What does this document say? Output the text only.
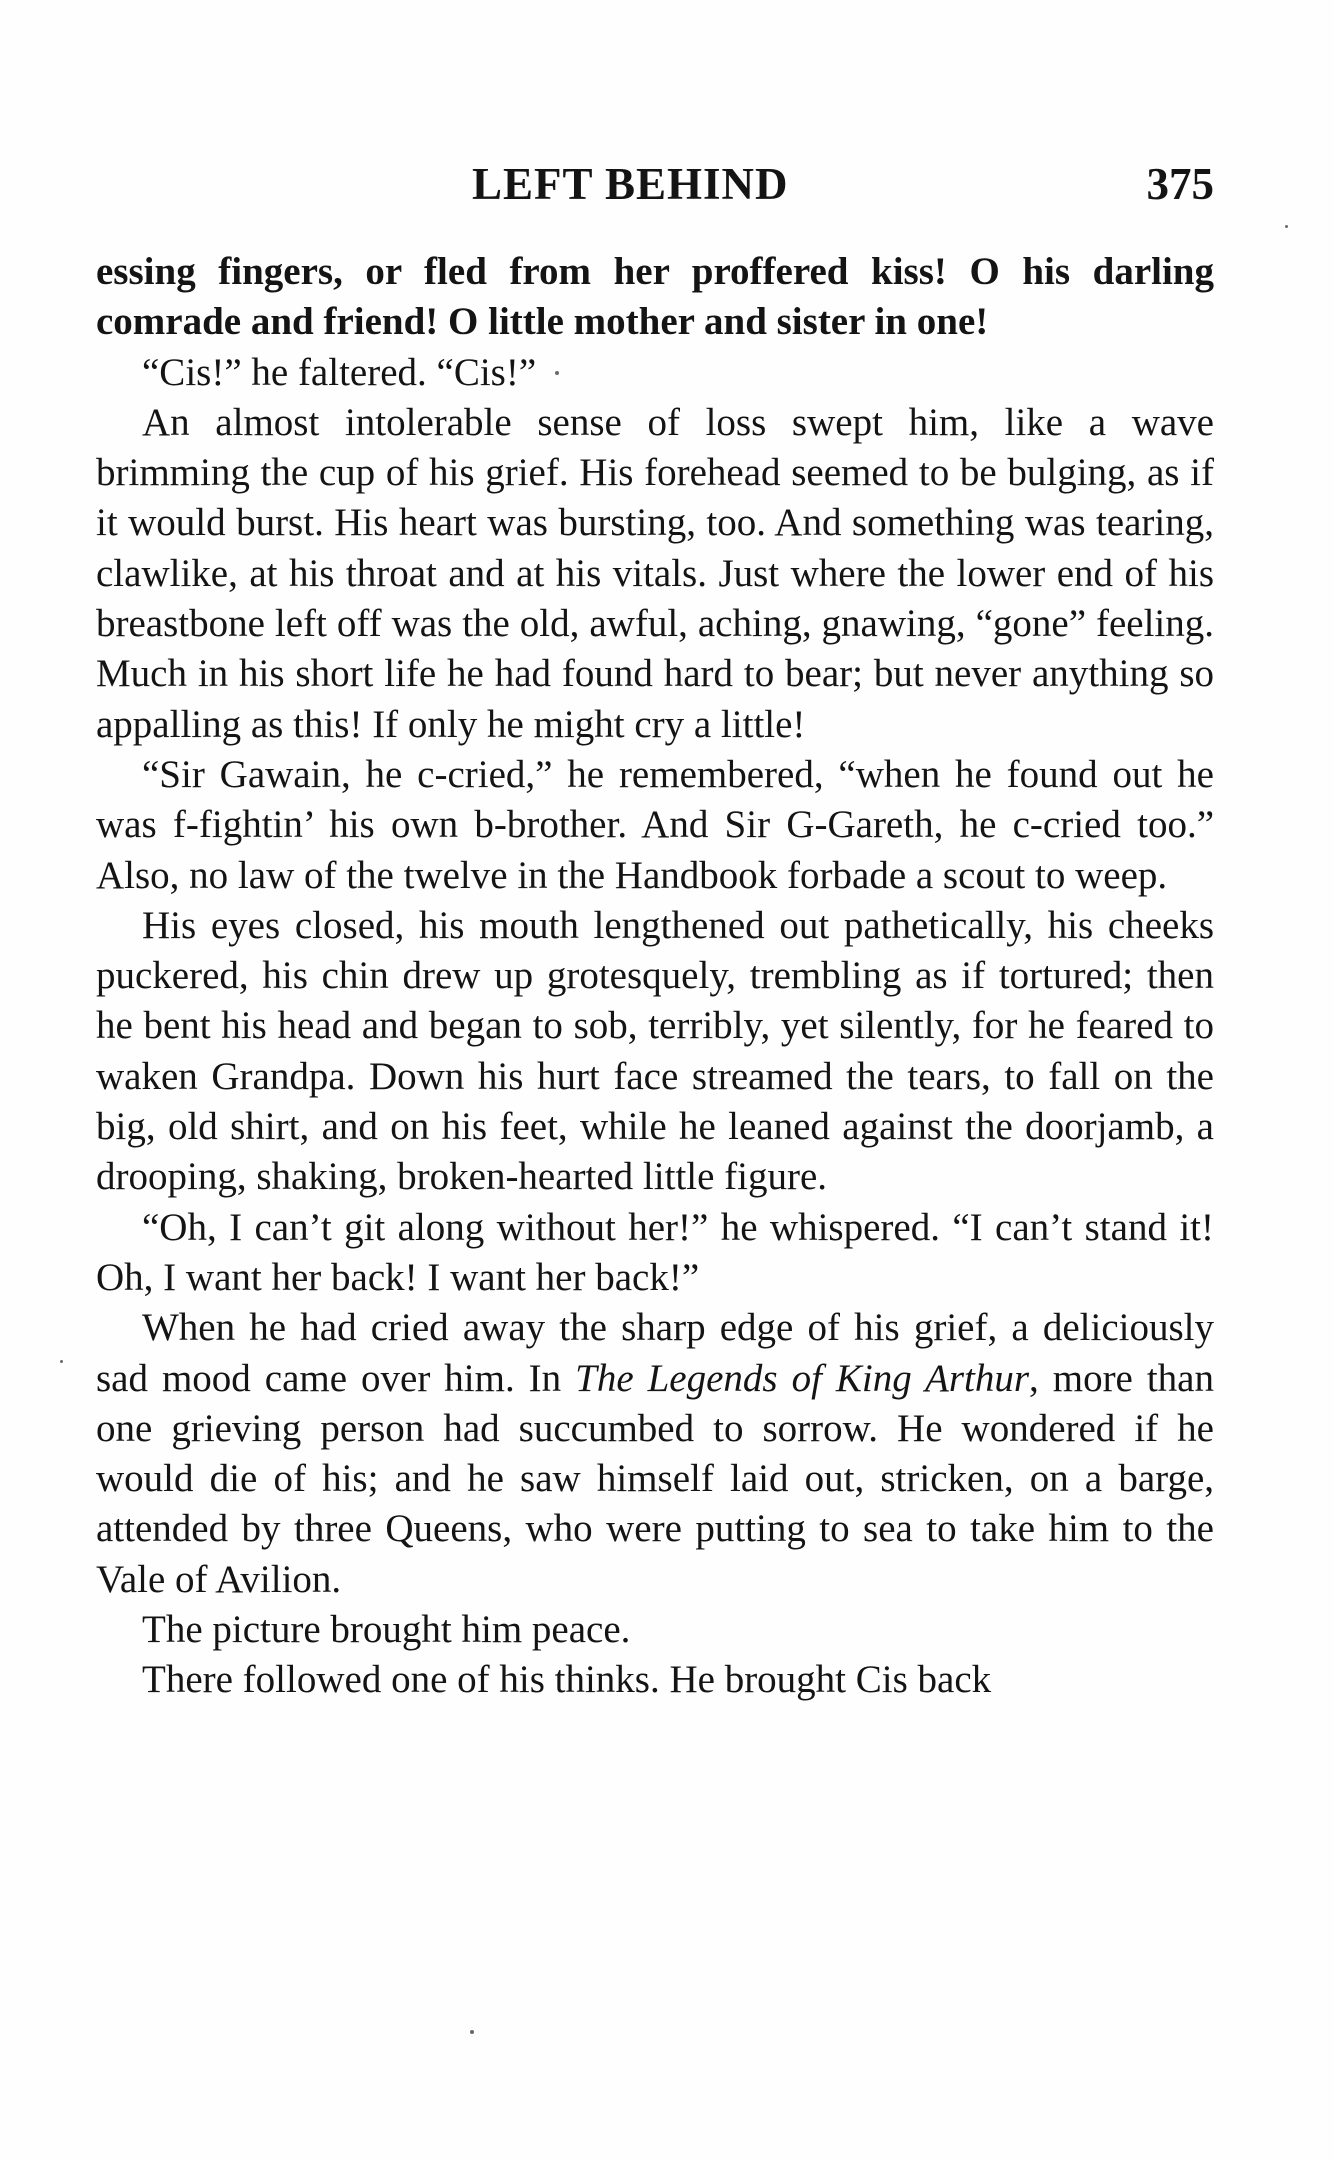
LEFT BEHIND	375

essing fingers, or fled from her proffered kiss! O his darling comrade and friend! O little mother and sister in one!

“Cis!” he faltered. “Cis!”

An almost intolerable sense of loss swept him, like a wave brimming the cup of his grief. His forehead seemed to be bulging, as if it would burst. His heart was bursting, too. And something was tearing, clawlike, at his throat and at his vitals. Just where the lower end of his breastbone left off was the old, awful, aching, gnawing, “gone” feeling. Much in his short life he had found hard to bear; but never anything so appalling as this! If only he might cry a little!

“Sir Gawain, he c-cried,” he remembered, “when he found out he was f-fightin’ his own b-brother. And Sir G-Gareth, he c-cried too.” Also, no law of the twelve in the Handbook forbade a scout to weep.

His eyes closed, his mouth lengthened out pathetically, his cheeks puckered, his chin drew up grotesquely, trembling as if tortured; then he bent his head and began to sob, terribly, yet silently, for he feared to waken Grandpa. Down his hurt face streamed the tears, to fall on the big, old shirt, and on his feet, while he leaned against the doorjamb, a drooping, shaking, broken-hearted little figure.

“Oh, I can’t git along without her!” he whispered. “I can’t stand it! Oh, I want her back! I want her back!”

When he had cried away the sharp edge of his grief, a deliciously sad mood came over him. In The Legends of King Arthur, more than one grieving person had succumbed to sorrow. He wondered if he would die of his; and he saw himself laid out, stricken, on a barge, attended by three Queens, who were putting to sea to take him to the Vale of Avilion.

The picture brought him peace.

There followed one of his thinks. He brought Cis back
